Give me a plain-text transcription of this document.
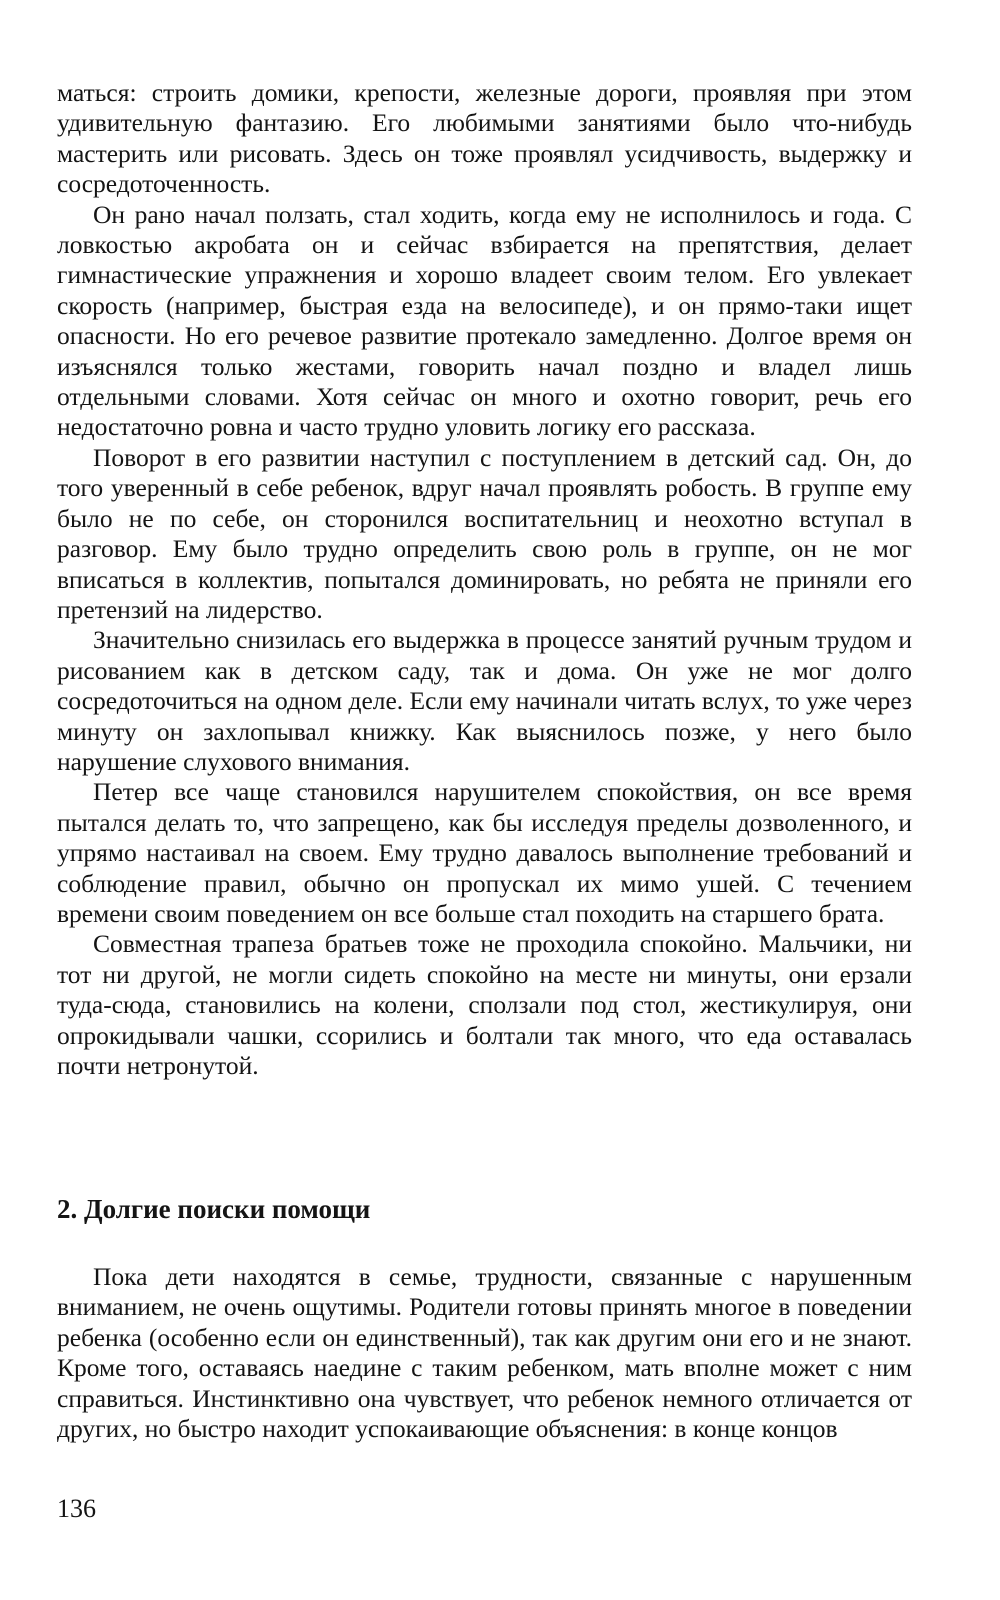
маться: строить домики, крепости, железные дороги, проявляя при этом удивительную фантазию. Его любимыми занятиями было что-нибудь мастерить или рисовать. Здесь он тоже проявлял усидчивость, выдержку и сосредоточенность.

Он рано начал ползать, стал ходить, когда ему не исполнилось и года. С ловкостью акробата он и сейчас взбирается на препятствия, делает гимнастические упражнения и хорошо владеет своим телом. Его увлекает скорость (например, быстрая езда на велосипеде), и он прямо-таки ищет опасности. Но его речевое развитие протекало замедленно. Долгое время он изъяснялся только жестами, говорить начал поздно и владел лишь отдельными словами. Хотя сейчас он много и охотно говорит, речь его недостаточно ровна и часто трудно уловить логику его рассказа.

Поворот в его развитии наступил с поступлением в детский сад. Он, до того уверенный в себе ребенок, вдруг начал проявлять робость. В группе ему было не по себе, он сторонился воспитательниц и неохотно вступал в разговор. Ему было трудно определить свою роль в группе, он не мог вписаться в коллектив, попытался доминировать, но ребята не приняли его претензий на лидерство.

Значительно снизилась его выдержка в процессе занятий ручным трудом и рисованием как в детском саду, так и дома. Он уже не мог долго сосредоточиться на одном деле. Если ему начинали читать вслух, то уже через минуту он захлопывал книжку. Как выяснилось позже, у него было нарушение слухового внимания.

Петер все чаще становился нарушителем спокойствия, он все время пытался делать то, что запрещено, как бы исследуя пределы дозволенного, и упрямо настаивал на своем. Ему трудно давалось выполнение требований и соблюдение правил, обычно он пропускал их мимо ушей. С течением времени своим поведением он все больше стал походить на старшего брата.

Совместная трапеза братьев тоже не проходила спокойно. Мальчики, ни тот ни другой, не могли сидеть спокойно на месте ни минуты, они ерзали туда-сюда, становились на колени, сползали под стол, жестикулируя, они опрокидывали чашки, ссорились и болтали так много, что еда оставалась почти нетронутой.

2. Долгие поиски помощи

Пока дети находятся в семье, трудности, связанные с нарушенным вниманием, не очень ощутимы. Родители готовы принять многое в поведении ребенка (особенно если он единственный), так как другим они его и не знают. Кроме того, оставаясь наедине с таким ребенком, мать вполне может с ним справиться. Инстинктивно она чувствует, что ребенок немного отличается от других, но быстро находит успокаивающие объяснения: в конце концов

136
